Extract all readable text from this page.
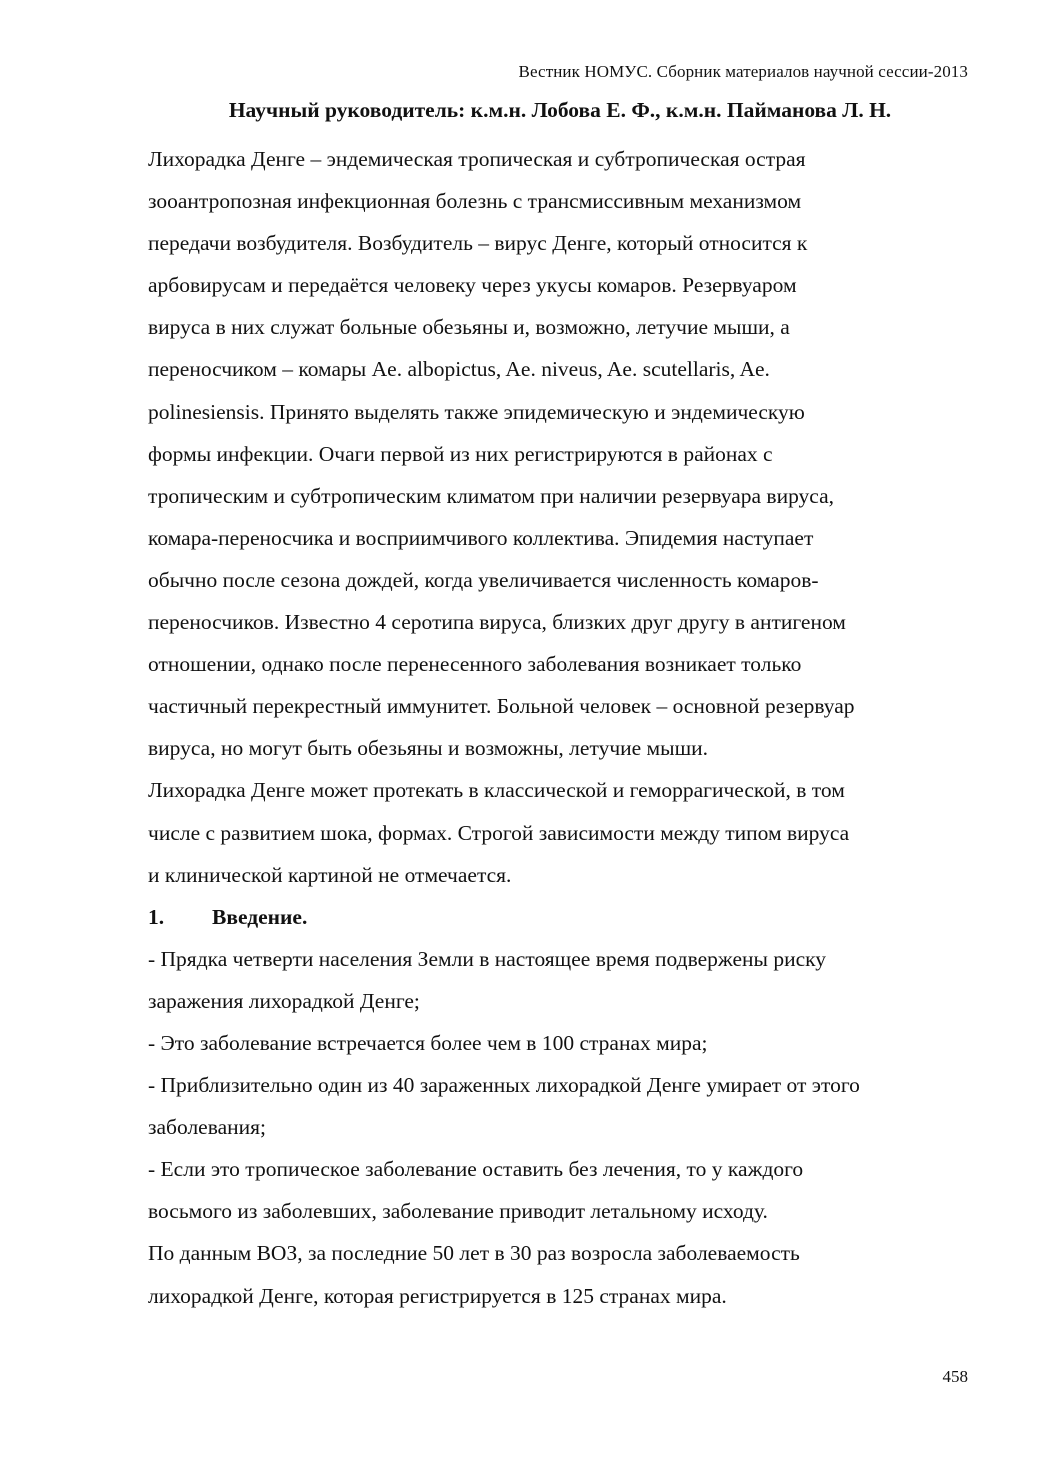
Вестник НОМУС. Сборник материалов научной сессии-2013
Научный руководитель: к.м.н. Лобова Е. Ф., к.м.н. Пайманова Л. Н.

Лихорадка Денге – эндемическая тропическая и субтропическая острая
зооантропозная инфекционная болезнь с трансмиссивным механизмом
передачи возбудителя. Возбудитель – вирус Денге, который относится к
арбовирусам и передаётся человеку через укусы комаров. Резервуаром
вируса в них служат больные обезьяны и, возможно, летучие мыши, а
переносчиком – комары Ae. albopictus, Ae. niveus, Ae. scutellaris, Ae.
polinesiensis. Принято выделять также эпидемическую и эндемическую
формы инфекции. Очаги первой из них регистрируются в районах с
тропическим и субтропическим климатом при наличии резервуара вируса,
комара-переносчика и восприимчивого коллектива. Эпидемия наступает
обычно после сезона дождей, когда увеличивается численность комаров-
переносчиков. Известно 4 серотипа вируса, близких друг другу в антигеном
отношении, однако после перенесенного заболевания возникает только
частичный перекрестный иммунитет. Больной человек – основной резервуар
вируса, но могут быть обезьяны и возможны, летучие мыши.

Лихорадка Денге может протекать в классической и геморрагической, в том
числе с развитием шока, формах. Строгой зависимости между типом вируса
и клинической картиной не отмечается.

1. Введение.

- Прядка четверти населения Земли в настоящее время подвержены риску
заражения лихорадкой Денге;

- Это заболевание встречается более чем в 100 странах мира;

- Приблизительно один из 40 зараженных лихорадкой Денге умирает от этого
заболевания;

- Если это тропическое заболевание оставить без лечения, то у каждого
восьмого из заболевших, заболевание приводит летальному исходу.

По данным ВОЗ, за последние 50 лет в 30 раз возросла заболеваемость
лихорадкой Денге, которая регистрируется в 125 странах мира.

458
